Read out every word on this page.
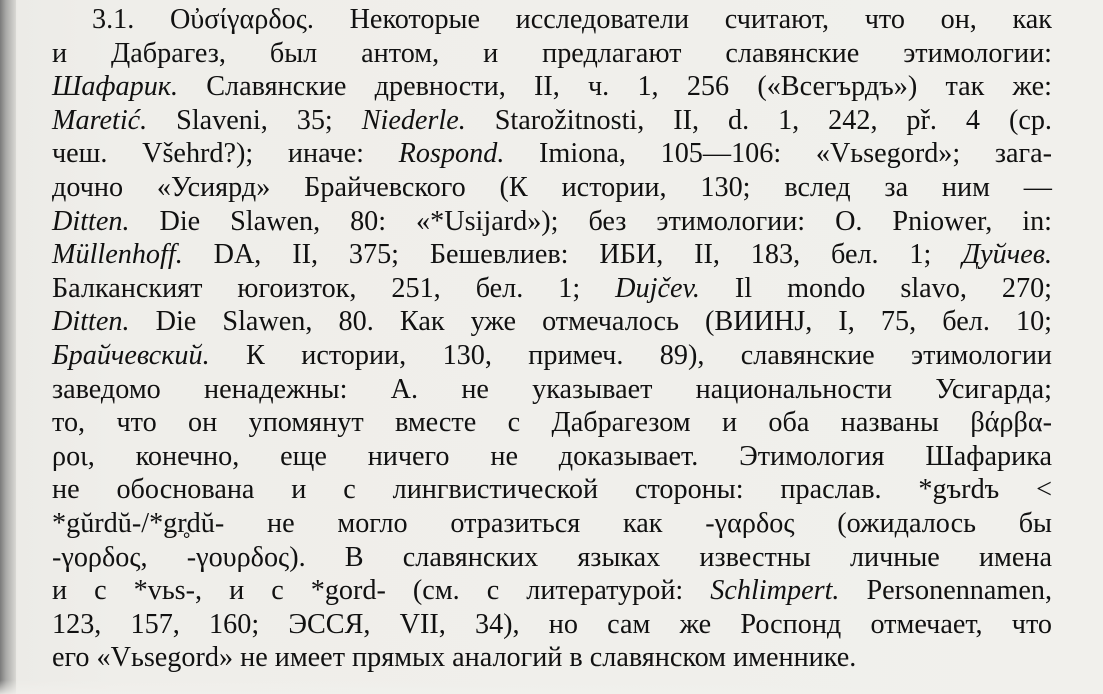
3.1. Οὐσίγαρδος. Некоторые исследователи считают, что он, как
и Дабрагез, был антом, и предлагают славянские этимологии:
Шафарик. Славянские древности, II, ч. 1, 256 («Всегърдъ») так же:
Maretić. Slaveni, 35; Niederle. Starožitnosti, II, d. 1, 242, př. 4 (ср.
чеш. Všehrd?); иначе: Rospond. Imiona, 105—106: «Vьsegord»; зага-
дочно «Усиярд» Брайчевского (К истории, 130; вслед за ним —
Ditten. Die Slawen, 80: «*Usijard»); без этимологии: O. Pniower, in:
Müllenhoff. DA, II, 375; Бешевлиев: ИБИ, II, 183, бел. 1; Дуйчев.
Балканският югоизток, 251, бел. 1; Dujčev. Il mondo slavo, 270;
Ditten. Die Slawen, 80. Как уже отмечалось (ВИИНЈ, I, 75, бел. 10;
Брайчевский. К истории, 130, примеч. 89), славянские этимологии
заведомо ненадежны: А. не указывает национальности Усигарда;
то, что он упомянут вместе с Дабрагезом и оба названы βάρβα-
ροι, конечно, еще ничего не доказывает. Этимология Шафарика
не обоснована и с лингвистической стороны: праслав. *gъrdъ <
*gŭrdŭ-/*gr̥dŭ- не могло отразиться как -γαρδος (ожидалось бы
-γορδος, -γουρδος). В славянских языках известны личные имена
и с *vьs-, и с *gord- (см. с литературой: Schlimpert. Personennamen,
123, 157, 160; ЭССЯ, VII, 34), но сам же Роспонд отмечает, что
его «Vьsegord» не имеет прямых аналогий в славянском именнике.
